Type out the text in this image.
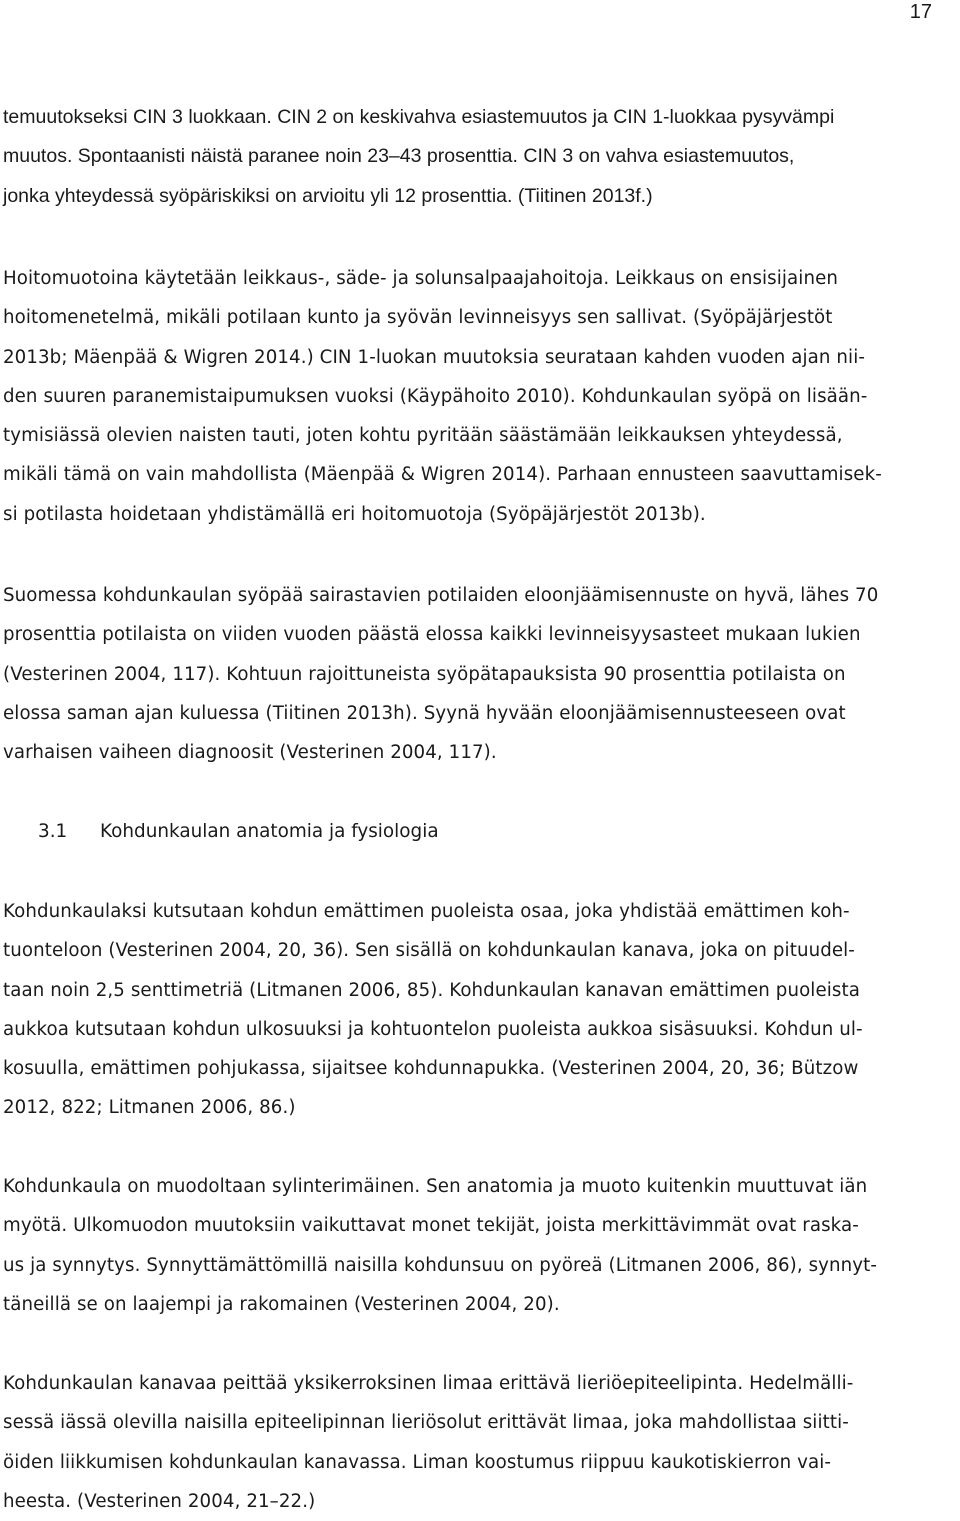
17

temuutokseksi CIN 3 luokkaan. CIN 2 on keskivahva esiastemuutos ja CIN 1-luokkaa pysyvämpi
muutos. Spontaanisti näistä paranee noin 23–43 prosenttia. CIN 3 on vahva esiastemuutos,
jonka yhteydessä syöpäriskiksi on arvioitu yli 12 prosenttia. (Tiitinen 2013f.)

Hoitomuotoina käytetään leikkaus-, säde- ja solunsalpaajahoitoja. Leikkaus on ensisijainen
hoitomenetelmä, mikäli potilaan kunto ja syövän levinneisyys sen sallivat. (Syöpäjärjestöt
2013b; Mäenpää & Wigren 2014.) CIN 1-luokan muutoksia seurataan kahden vuoden ajan nii-
den suuren paranemistaipumuksen vuoksi (Käypähoito 2010). Kohdunkaulan syöpä on lisään-
tymisiässä olevien naisten tauti, joten kohtu pyritään säästämään leikkauksen yhteydessä,
mikäli tämä on vain mahdollista (Mäenpää & Wigren 2014). Parhaan ennusteen saavuttamisek-
si potilasta hoidetaan yhdistämällä eri hoitomuotoja (Syöpäjärjestöt 2013b).

Suomessa kohdunkaulan syöpää sairastavien potilaiden eloonjäämisennuste on hyvä, lähes 70
prosenttia potilaista on viiden vuoden päästä elossa kaikki levinneisyysasteet mukaan lukien
(Vesterinen 2004, 117). Kohtuun rajoittuneista syöpätapauksista 90 prosenttia potilaista on
elossa saman ajan kuluessa (Tiitinen 2013h). Syynä hyvään eloonjäämisennusteeseen ovat
varhaisen vaiheen diagnoosit (Vesterinen 2004, 117).

3.1 Kohdunkaulan anatomia ja fysiologia

Kohdunkaulaksi kutsutaan kohdun emättimen puoleista osaa, joka yhdistää emättimen koh-
tuonteloon (Vesterinen 2004, 20, 36). Sen sisällä on kohdunkaulan kanava, joka on pituudel-
taan noin 2,5 senttimetriä (Litmanen 2006, 85). Kohdunkaulan kanavan emättimen puoleista
aukkoa kutsutaan kohdun ulkosuuksi ja kohtuontelon puoleista aukkoa sisäsuuksi. Kohdun ul-
kosuulla, emättimen pohjukassa, sijaitsee kohdunnapukka. (Vesterinen 2004, 20, 36; Bützow
2012, 822; Litmanen 2006, 86.)

Kohdunkaula on muodoltaan sylinterimäinen. Sen anatomia ja muoto kuitenkin muuttuvat iän
myötä. Ulkomuodon muutoksiin vaikuttavat monet tekijät, joista merkittävimmät ovat raska-
us ja synnytys. Synnyttämättömillä naisilla kohdunsuu on pyöreä (Litmanen 2006, 86), synnyt-
täneillä se on laajempi ja rakomainen (Vesterinen 2004, 20).

Kohdunkaulan kanavaa peittää yksikerroksinen limaa erittävä lieriöepiteelipinta. Hedelmälli-
sessä iässä olevilla naisilla epiteelipinnan lieriösolut erittävät limaa, joka mahdollistaa siitti-
öiden liikkumisen kohdunkaulan kanavassa. Liman koostumus riippuu kaukotiskierron vai-
heesta. (Vesterinen 2004, 21–22.)
